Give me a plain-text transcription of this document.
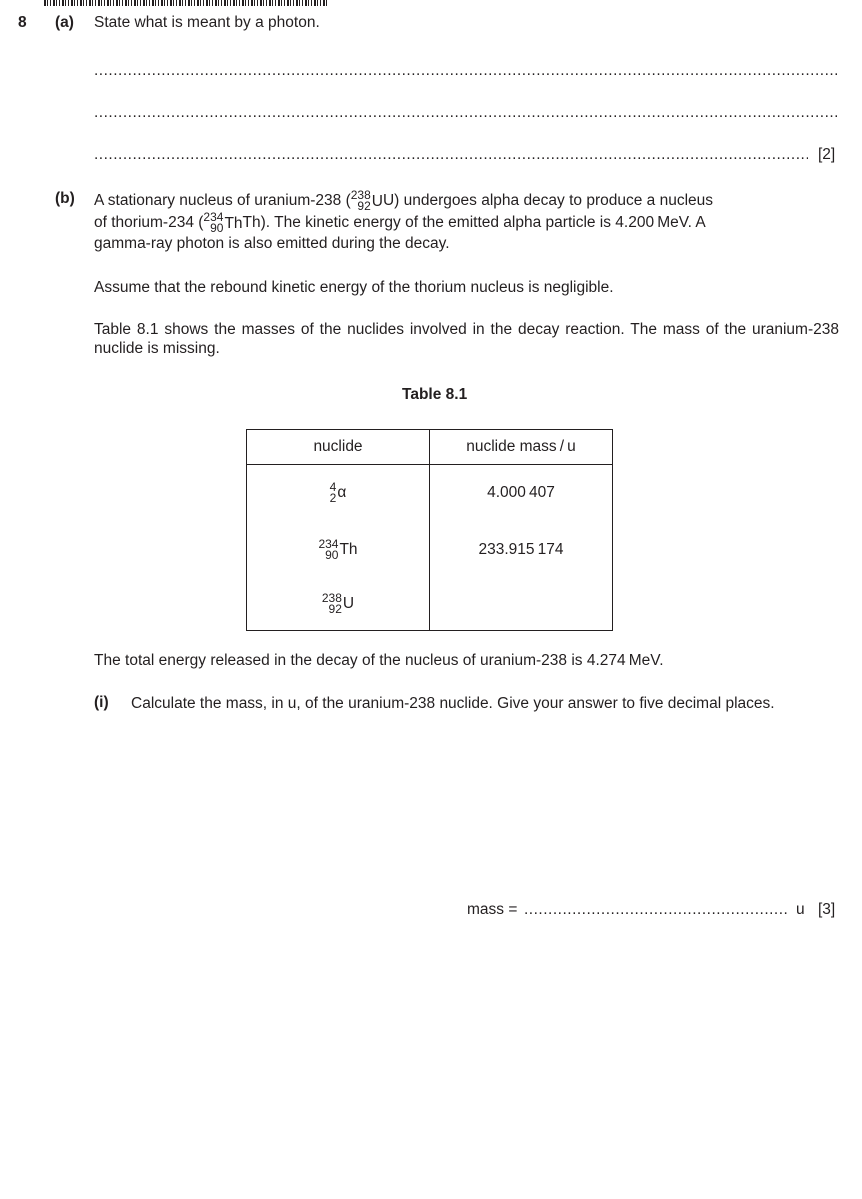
8 (a) State what is meant by a photon.
.....
.....
.....
[2]
(b) A stationary nucleus of uranium-238 (238
92UU) undergoes alpha decay to produce a nucleus
of thorium-234 (234
90ThTh). The kinetic energy of the emitted alpha particle is 4.200 MeV. A
gamma-ray photon is also emitted during the decay.
Assume that the rebound kinetic energy of the thorium nucleus is negligible.
Table 8.1 shows the masses of the nuclides involved in the decay reaction. The mass of the uranium-238 nuclide is missing.
Table 8.1
nuclide	nuclide mass / u
4
2α	4.000 407
234
90Th	233.915 174
238
92U	
The total energy released in the decay of the nucleus of uranium-238 is 4.274 MeV.
(i) Calculate the mass, in u, of the uranium-238 nuclide. Give your answer to five decimal places.
mass = .....	u [3]
